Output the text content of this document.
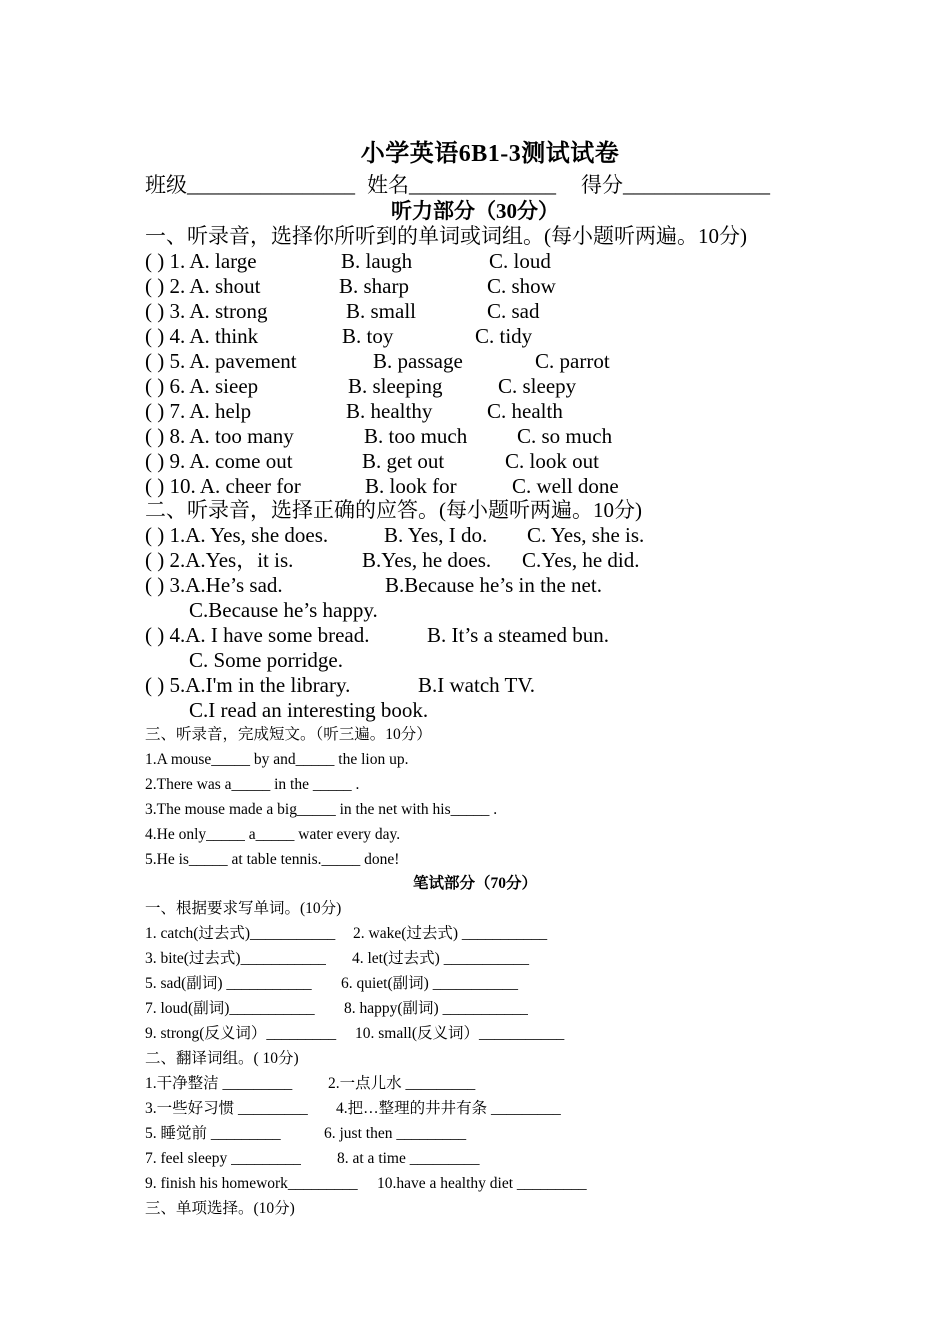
小学英语6B1-3测试试卷
班级________________ 姓名______________ 得分______________
听力部分（30分）
一、听录音，选择你所听到的单词或词组。(每小题听两遍。10分)
( ) 1. A. large	B. laugh	C. loud
( ) 2. A. shout	B. sharp	C. show
( ) 3. A. strong	B. small	C. sad
( ) 4. A. think	B. toy	C. tidy
( ) 5. A. pavement	B. passage	C. parrot
( ) 6. A. sieep	B. sleeping	C. sleepy
( ) 7. A. help	B. healthy	C. health
( ) 8. A. too many	B. too much C. so much
( ) 9. A. come out	B. get out	C. look out
( ) 10. A. cheer for	B. look for	C. well done
二、听录音，选择正确的应答。(每小题听两遍。10分)
( ) 1.A. Yes, she does.	B. Yes, I do. C. Yes, she is.
( ) 2.A.Yes，it is.	B.Yes, he does. C.Yes, he did.
( ) 3.A.He’s sad.	B.Because he’s in the net.
C.Because he’s happy.
( ) 4.A. I have some bread.	B. It’s a steamed bun.
C. Some porridge.
( ) 5.A.I'm in the library.	B.I watch TV.
C.I read an interesting book.
三、听录音，完成短文。（听三遍。10分）
1.A mouse_____ by and_____ the lion up.
2.There was a_____ in the _____ .
3.The mouse made a big_____ in the net with his_____ .
4.He only_____ a_____ water every day.
5.He is_____ at table tennis._____ done!
笔试部分（70分）
一、根据要求写单词。(10分)
1. catch(过去式)___________ 2. wake(过去式) ___________
3. bite(过去式)___________ 4. let(过去式) ___________
5. sad(副词) ___________ 6. quiet(副词) ___________
7. loud(副词)___________ 8. happy(副词) ___________
9. strong(反义词）_________ 10. small(反义词）___________
二、翻译词组。( 10分)
1.干净整洁 _________ 2.一点儿水 _________
3.一些好习惯 _________ 4.把…整理的井井有条 _________
5. 睡觉前 _________	6. just then _________
7. feel sleepy _________ 8. at a time _________
9. finish his homework_________ 10.have a healthy diet _________
三、单项选择。(10分)
